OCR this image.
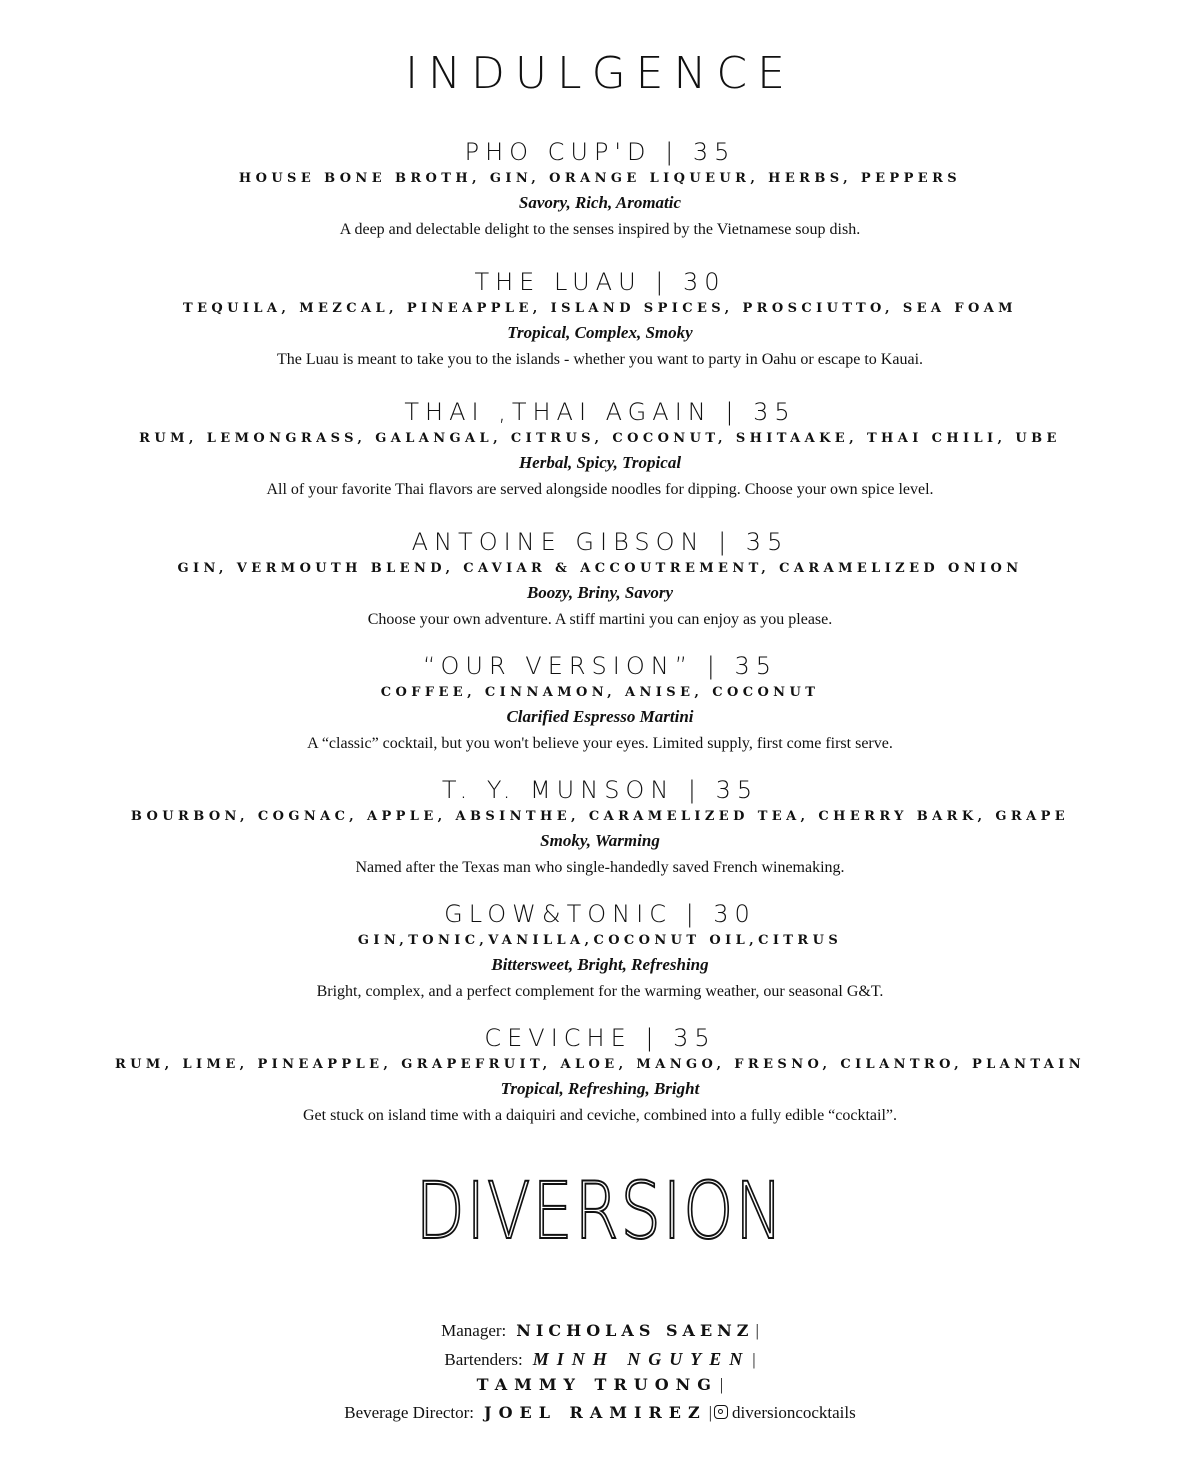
INDULGENCE
PHO CUP'D | 35
HOUSE BONE BROTH, GIN, ORANGE LIQUEUR, HERBS, PEPPERS
Savory, Rich, Aromatic
A deep and delectable delight to the senses inspired by the Vietnamese soup dish.
THE LUAU | 30
TEQUILA, MEZCAL, PINEAPPLE, ISLAND SPICES, PROSCIUTTO, SEA FOAM
Tropical, Complex, Smoky
The Luau is meant to take you to the islands - whether you want to party in Oahu or escape to Kauai.
THAI ,THAI AGAIN | 35
RUM, LEMONGRASS, GALANGAL, CITRUS, COCONUT, SHITAAKE, THAI CHILI, UBE
Herbal, Spicy, Tropical
All of your favorite Thai flavors are served alongside noodles for dipping. Choose your own spice level.
ANTOINE GIBSON | 35
GIN, VERMOUTH BLEND, CAVIAR & ACCOUTREMENT, CARAMELIZED ONION
Boozy, Briny, Savory
Choose your own adventure. A stiff martini you can enjoy as you please.
“OUR VERSION” | 35
COFFEE, CINNAMON, ANISE, COCONUT
Clarified Espresso Martini
A “classic” cocktail, but you won't believe your eyes. Limited supply, first come first serve.
T. Y. MUNSON | 35
BOURBON, COGNAC, APPLE, ABSINTHE, CARAMELIZED TEA, CHERRY BARK, GRAPE
Smoky, Warming
Named after the Texas man who single-handedly saved French winemaking.
GLOW&TONIC | 30
GIN,TONIC,VANILLA,COCONUT OIL,CITRUS
Bittersweet, Bright, Refreshing
Bright, complex, and a perfect complement for the warming weather, our seasonal G&T.
CEVICHE | 35
RUM, LIME, PINEAPPLE, GRAPEFRUIT, ALOE, MANGO, FRESNO, CILANTRO, PLANTAIN
Tropical, Refreshing, Bright
Get stuck on island time with a daiquiri and ceviche, combined into a fully edible “cocktail”.
DIVERSION
Manager: NICHOLAS SAENZ |
Bartenders: MINH NGUYEN |
TAMMY TRUONG |
Beverage Director: JOEL RAMIREZ | diversioncocktails
